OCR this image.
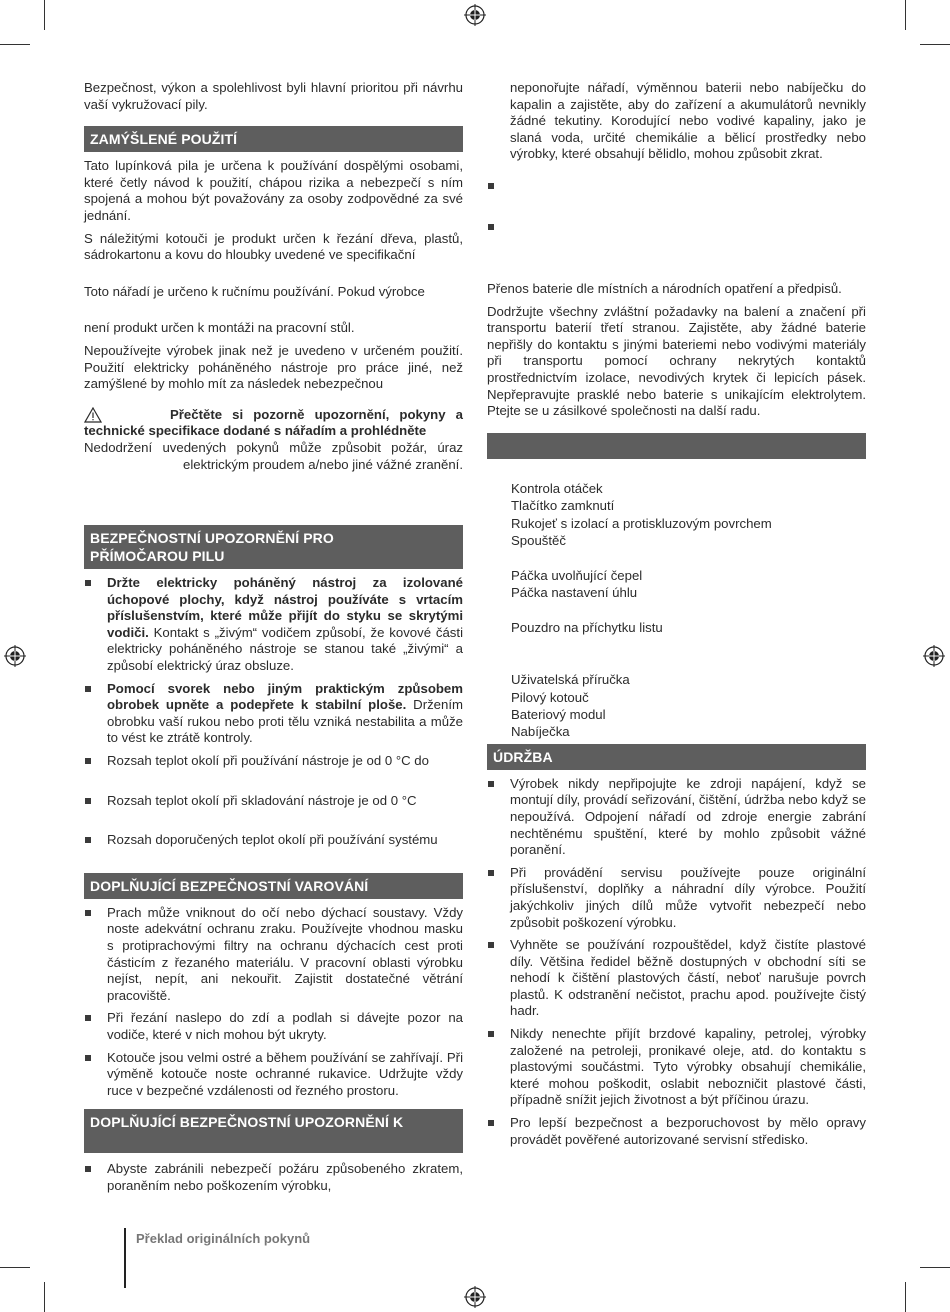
Bezpečnost, výkon a spolehlivost byli hlavní prioritou při návrhu vaší vykružovací pily.

ZAMÝŠLENÉ POUŽITÍ

Tato lupínková pila je určena k používání dospělými osobami, které četly návod k použití, chápou rizika a nebezpečí s ním spojená a mohou být považovány za osoby zodpovědné za své jednání.

S náležitými kotouči je produkt určen k řezání dřeva, plastů, sádrokartonu a kovu do hloubky uvedené ve specifikační

Toto nářadí je určeno k ručnímu používání. Pokud výrobce

není produkt určen k montáži na pracovní stůl.

Nepoužívejte výrobek jinak než je uvedeno v určeném použití. Použití elektricky poháněného nástroje pro práce jiné, než zamýšlené by mohlo mít za následek nebezpečnou

Přečtěte si pozorně upozornění, pokyny a technické specifikace dodané s nářadím a prohlédněte

Nedodržení uvedených pokynů může způsobit požár, úraz elektrickým proudem a/nebo jiné vážné zranění.

BEZPEČNOSTNÍ UPOZORNĚNÍ PRO
PŘÍMOČAROU PILU
Držte elektricky poháněný nástroj za izolované úchopové plochy, když nástroj používáte s vrtacím příslušenstvím, které může přijít do styku se skrytými vodiči. Kontakt s „živým“ vodičem způsobí, že kovové části elektricky poháněného nástroje se stanou také „živými“ a způsobí elektrický úraz obsluze.
Pomocí svorek nebo jiným praktickým způsobem obrobek upněte a podepřete k stabilní ploše. Držením obrobku vaší rukou nebo proti tělu vzniká nestabilita a může to vést ke ztrátě kontroly.
Rozsah teplot okolí při používání nástroje je od 0 °C do
Rozsah teplot okolí při skladování nástroje je od 0 °C
Rozsah doporučených teplot okolí při používání systému
DOPLŇUJÍCÍ BEZPEČNOSTNÍ VAROVÁNÍ
Prach může vniknout do očí nebo dýchací soustavy. Vždy noste adekvátní ochranu zraku. Používejte vhodnou masku s protiprachovými filtry na ochranu dýchacích cest proti částicím z řezaného materiálu. V pracovní oblasti výrobku nejíst, nepít, ani nekouřit. Zajistit dostatečné větrání pracoviště.
Při řezání naslepo do zdí a podlah si dávejte pozor na vodiče, které v nich mohou být ukryty.
Kotouče jsou velmi ostré a během používání se zahřívají. Při výměně kotouče noste ochranné rukavice. Udržujte vždy ruce v bezpečné vzdálenosti od řezného prostoru.
DOPLŇUJÍCÍ BEZPEČNOSTNÍ UPOZORNĚNÍ K
Abyste zabránili nebezpečí požáru způsobeného zkratem, poraněním nebo poškozením výrobku,

neponořujte nářadí, výměnnou baterii nebo nabíječku do kapalin a zajistěte, aby do zařízení a akumulátorů nevnikly žádné tekutiny. Korodující nebo vodivé kapaliny, jako je slaná voda, určité chemikálie a bělicí prostředky nebo výrobky, které obsahují bělidlo, mohou způsobit zkrat.

Přenos baterie dle místních a národních opatření a předpisů.

Dodržujte všechny zvláštní požadavky na balení a značení při transportu baterií třetí stranou. Zajistěte, aby žádné baterie nepřišly do kontaktu s jinými bateriemi nebo vodivými materiály při transportu pomocí ochrany nekrytých kontaktů prostřednictvím izolace, nevodivých krytek či lepicích pásek. Nepřepravujte prasklé nebo baterie s unikajícím elektrolytem. Ptejte se u zásilkové společnosti na další radu.

Kontrola otáček
Tlačítko zamknutí
Rukojeť s izolací a protiskluzovým povrchem
Spouštěč
Páčka uvolňující čepel
Páčka nastavení úhlu
Pouzdro na příchytku listu
Uživatelská příručka
Pilový kotouč
Bateriový modul
Nabíječka
ÚDRŽBA
Výrobek nikdy nepřipojujte ke zdroji napájení, když se montují díly, provádí seřizování, čištění, údržba nebo když se nepoužívá. Odpojení nářadí od zdroje energie zabrání nechtěnému spuštění, které by mohlo způsobit vážné poranění.
Při provádění servisu používejte pouze originální příslušenství, doplňky a náhradní díly výrobce. Použití jakýchkoliv jiných dílů může vytvořit nebezpečí nebo způsobit poškození výrobku.
Vyhněte se používání rozpouštědel, když čistíte plastové díly. Většina ředidel běžně dostupných v obchodní síti se nehodí k čištění plastových částí, neboť narušuje povrch plastů. K odstranění nečistot, prachu apod. používejte čistý hadr.
Nikdy nenechte přijít brzdové kapaliny, petrolej, výrobky založené na petroleji, pronikavé oleje, atd. do kontaktu s plastovými součástmi. Tyto výrobky obsahují chemikálie, které mohou poškodit, oslabit nebozničit plastové části, případně snížit jejich životnost a být příčinou úrazu.
Pro lepší bezpečnost a bezporuchovost by mělo opravy provádět pověřené autorizované servisní středisko.
Překlad originálních pokynů
